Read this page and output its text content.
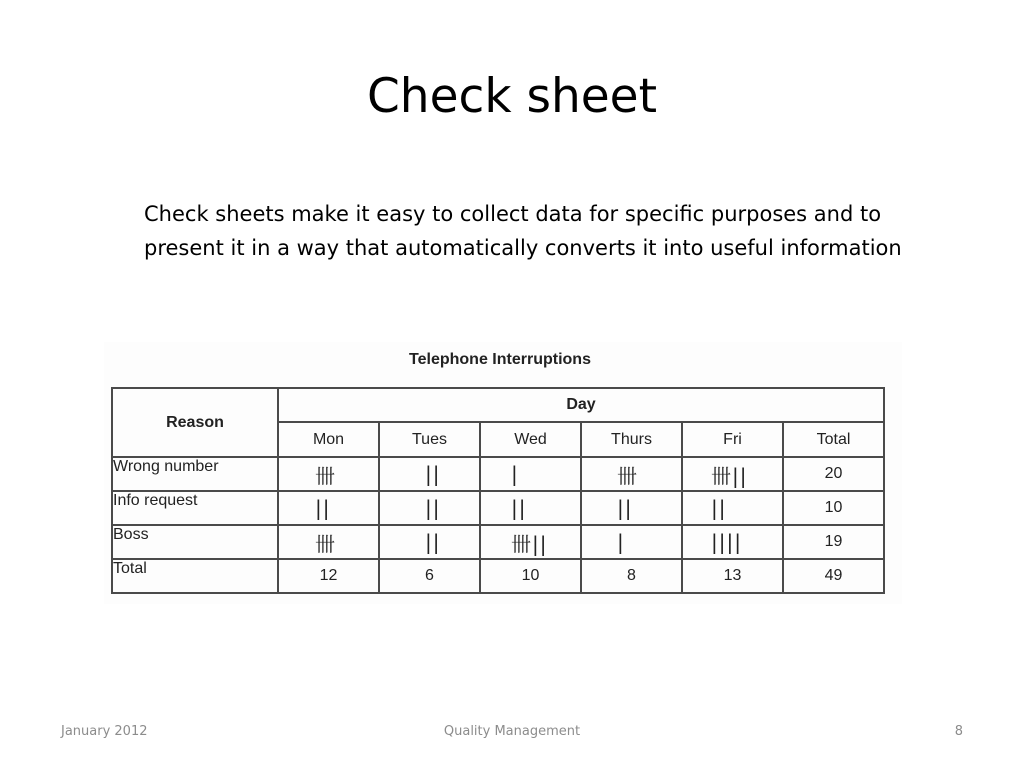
Check sheet
Check sheets make it easy to collect data for specific purposes and to present it in a way that automatically converts it into useful information
Telephone Interruptions
Reason	Day					
	Mon	Tues	Wed	Thurs	Fri	Total
Wrong number	卌	||	|	卌	卌||	20
Info request	||	||	||	||	||	10
Boss	卌	||	卌||	|	||||	19
Total	12	6	10	8	13	49
January 2012	Quality Management	8
